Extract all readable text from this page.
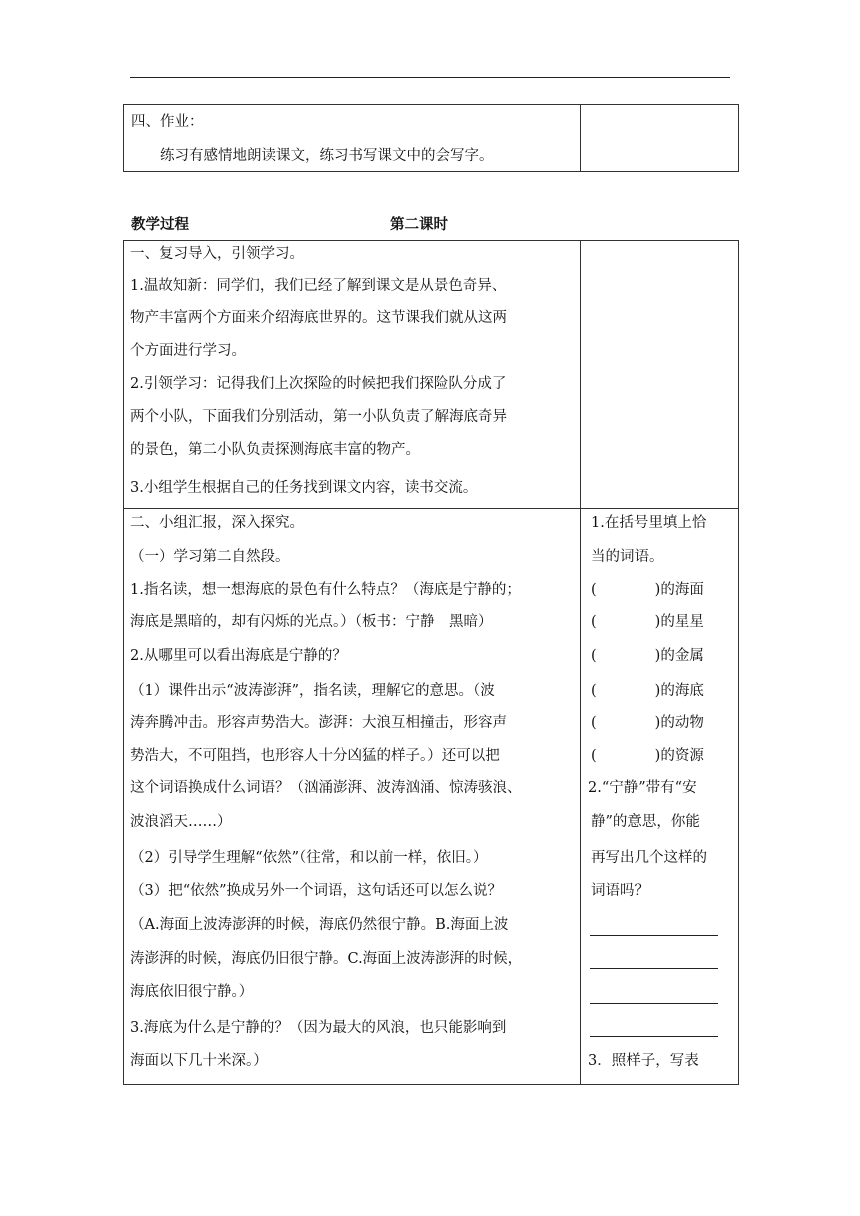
四、作业：
练习有感情地朗读课文，练习书写课文中的会写字。
教学过程	第二课时
一、复习导入，引领学习。
1.温故知新：同学们，我们已经了解到课文是从景色奇异、
物产丰富两个方面来介绍海底世界的。这节课我们就从这两
个方面进行学习。
2.引领学习：记得我们上次探险的时候把我们探险队分成了
两个小队，下面我们分别活动，第一小队负责了解海底奇异
的景色，第二小队负责探测海底丰富的物产。
3.小组学生根据自己的任务找到课文内容，读书交流。
二、小组汇报，深入探究。
（一）学习第二自然段。
1.指名读，想一想海底的景色有什么特点？（海底是宁静的；
海底是黑暗的，却有闪烁的光点。）（板书：宁静　黑暗）
2.从哪里可以看出海底是宁静的？
（1）课件出示“波涛澎湃”，指名读，理解它的意思。（波
涛奔腾冲击。形容声势浩大。澎湃：大浪互相撞击，形容声
势浩大，不可阻挡，也形容人十分凶猛的样子。）还可以把
这个词语换成什么词语？（汹涌澎湃、波涛汹涌、惊涛骇浪、
波浪滔天……）
（2）引导学生理解“依然”（往常，和以前一样，依旧。）
（3）把“依然”换成另外一个词语，这句话还可以怎么说？
（A.海面上波涛澎湃的时候，海底仍然很宁静。B.海面上波
涛澎湃的时候，海底仍旧很宁静。C.海面上波涛澎湃的时候，
海底依旧很宁静。）
3.海底为什么是宁静的？（因为最大的风浪，也只能影响到
海面以下几十米深。）
1.在括号里填上恰
当的词语。
(　　　　)的海面
(　　　　)的星星
(　　　　)的金属
(　　　　)的海底
(　　　　)的动物
(　　　　)的资源
2.“宁静”带有“安
静”的意思，你能
再写出几个这样的
词语吗？
3．照样子，写表
